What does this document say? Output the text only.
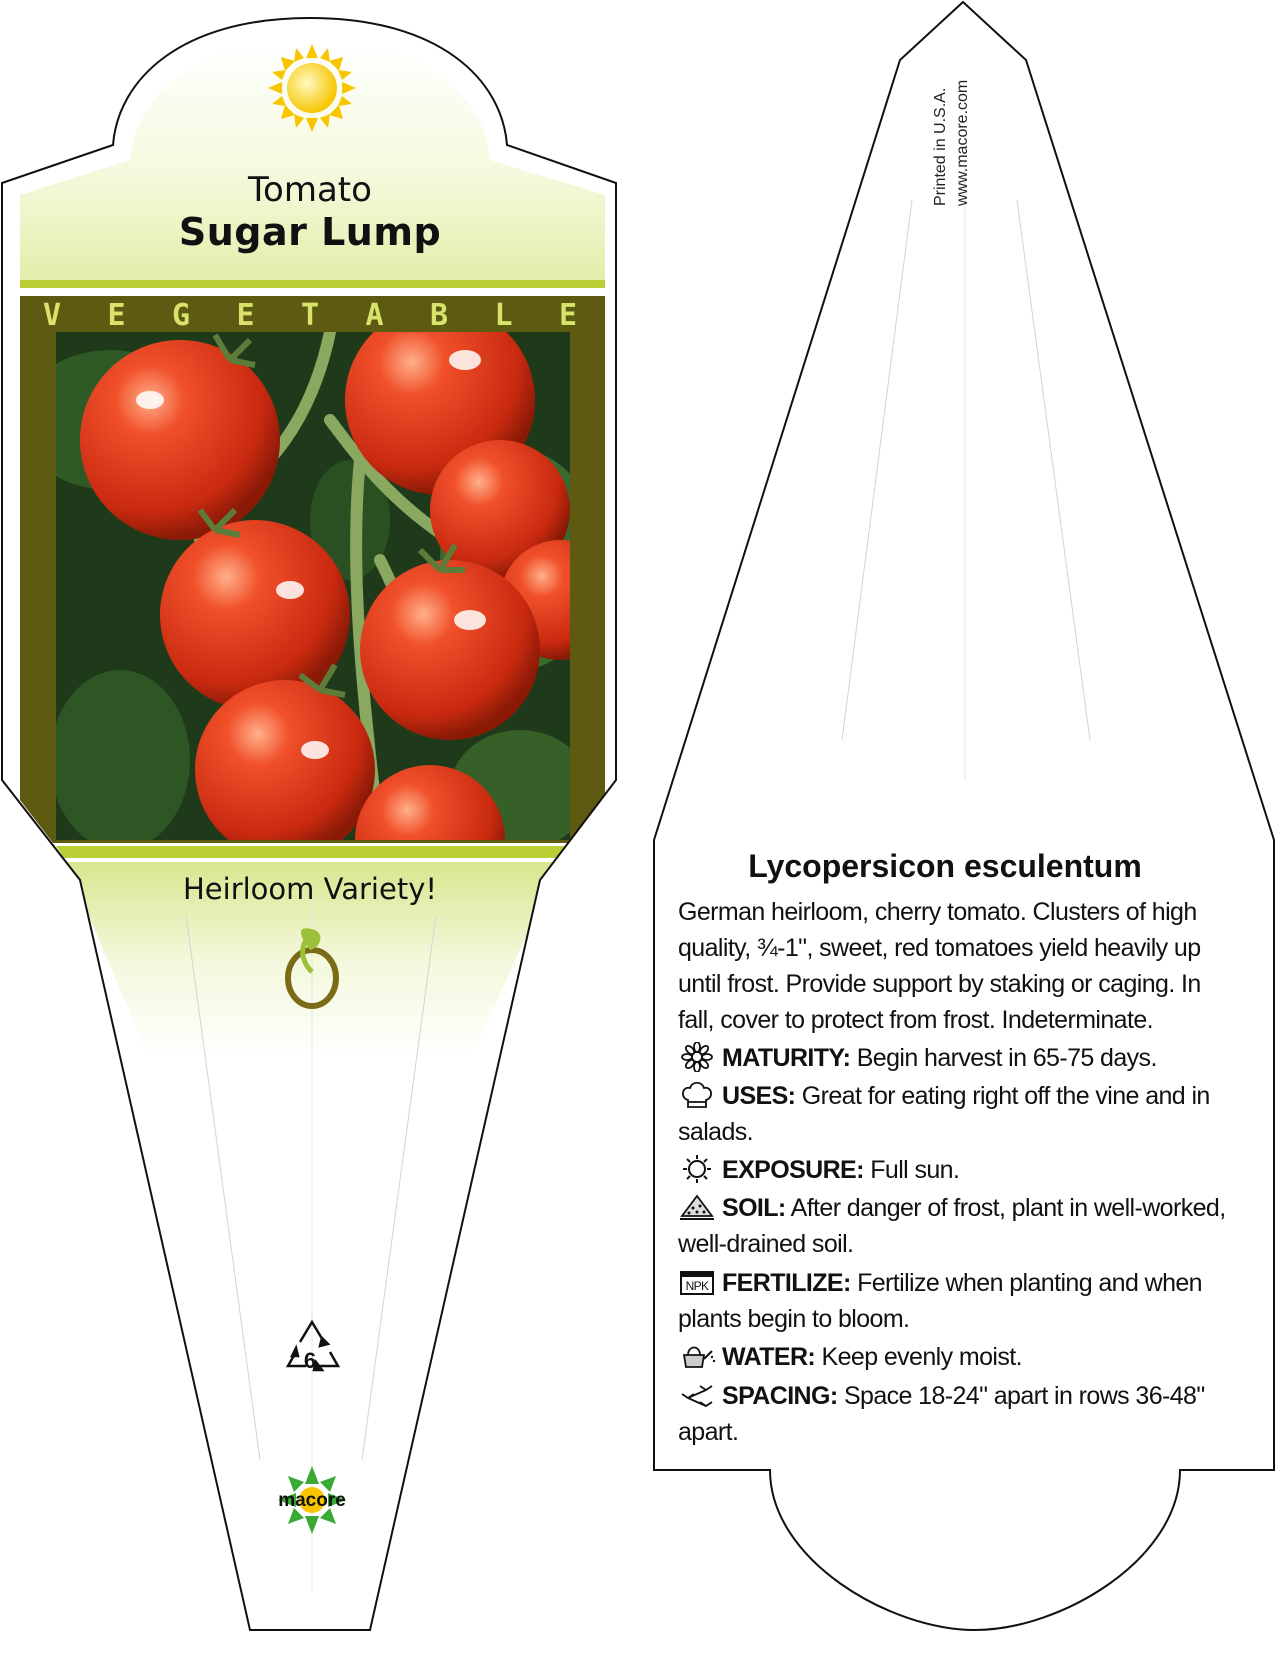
Tomato
Sugar Lump
V E G E T A B L E
Heirloom Variety!
6
macore
Printed in U.S.A. www.macore.com
Lycopersicon esculentum
German heirloom, cherry tomato. Clusters of high quality, ¾-1", sweet, red tomatoes yield heavily up until frost. Provide support by staking or caging. In fall, cover to protect from frost. Indeterminate.
MATURITY: Begin harvest in 65-75 days.
USES: Great for eating right off the vine and in salads.
EXPOSURE: Full sun.
SOIL: After danger of frost, plant in well-worked, well-drained soil.
NPK FERTILIZE: Fertilize when planting and when plants begin to bloom.
WATER: Keep evenly moist.
SPACING: Space 18-24" apart in rows 36-48" apart.
